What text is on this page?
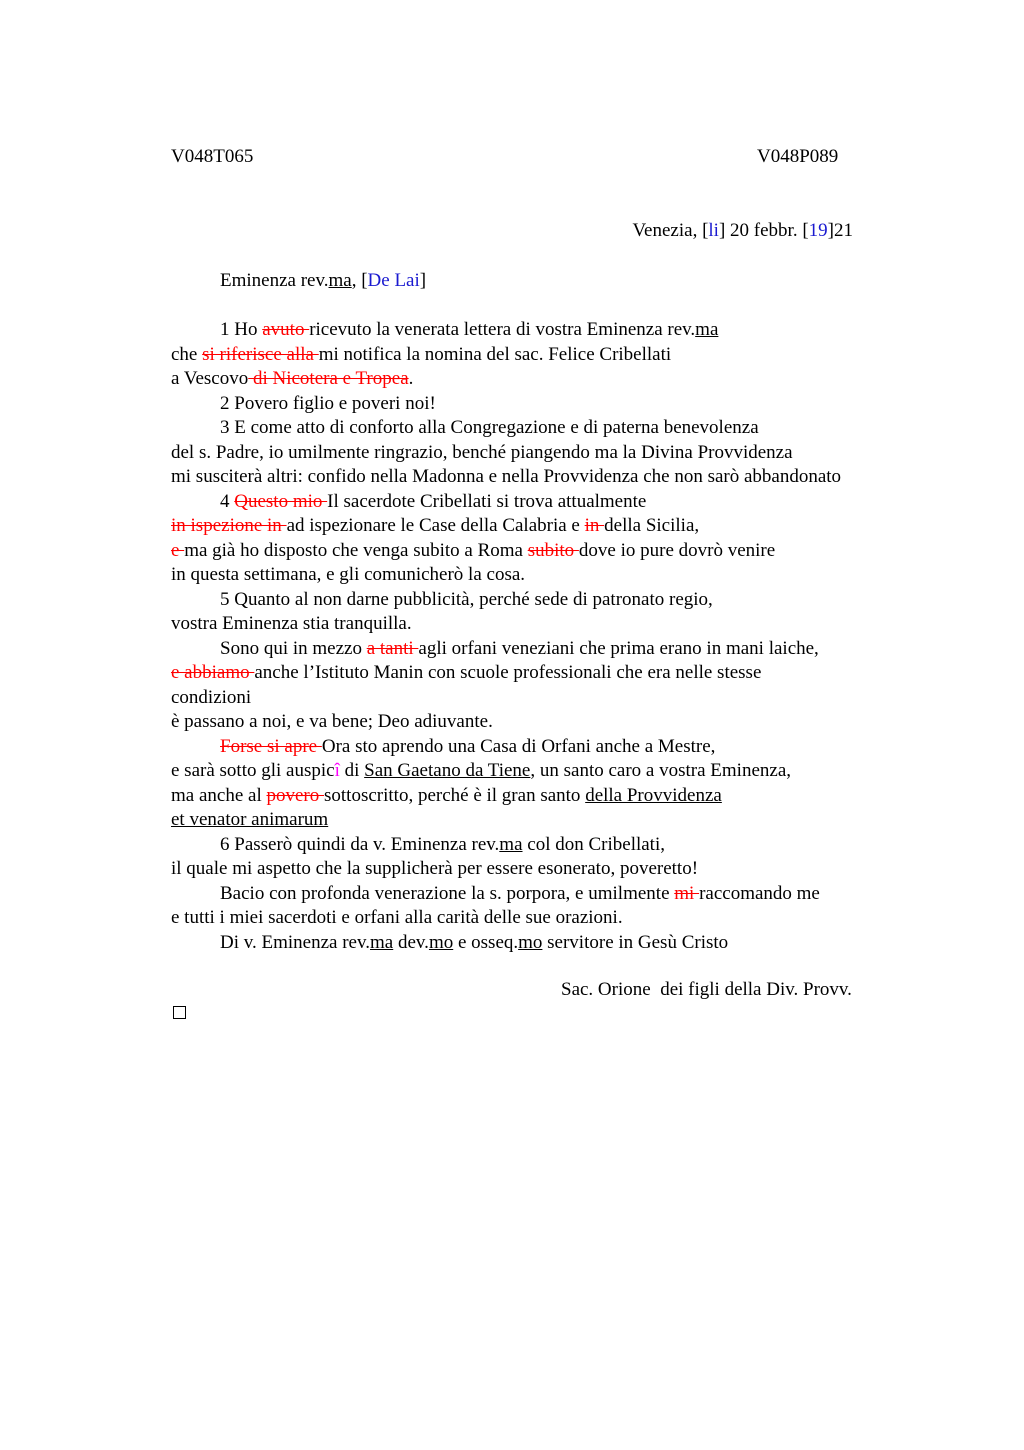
V048T065	V048P089
Venezia, [li] 20 febbr. [19]21
Eminenza rev.ma, [De Lai]
1 Ho avuto ricevuto la venerata lettera di vostra Eminenza rev.ma
che si riferisce alla mi notifica la nomina del sac. Felice Cribellati
a Vescovo di Nicotera e Tropea.
2 Povero figlio e poveri noi!
3 E come atto di conforto alla Congregazione e di paterna benevolenza
del s. Padre, io umilmente ringrazio, benché piangendo ma la Divina Provvidenza
mi susciterà altri: confido nella Madonna e nella Provvidenza che non sarò abbandonato
4 Questo mio Il sacerdote Cribellati si trova attualmente
in ispezione in ad ispezionare le Case della Calabria e in della Sicilia,
e ma già ho disposto che venga subito a Roma subito dove io pure dovrò venire
in questa settimana, e gli comunicherò la cosa.
5 Quanto al non darne pubblicità, perché sede di patronato regio,
vostra Eminenza stia tranquilla.
Sono qui in mezzo a tanti agli orfani veneziani che prima erano in mani laiche,
e abbiamo anche l’Istituto Manin con scuole professionali che era nelle stesse
condizioni
è passano a noi, e va bene; Deo adiuvante.
Forse si apre Ora sto aprendo una Casa di Orfani anche a Mestre,
e sarà sotto gli auspicî di San Gaetano da Tiene, un santo caro a vostra Eminenza,
ma anche al povero sottoscritto, perché è il gran santo della Provvidenza
et venator animarum
6 Passerò quindi da v. Eminenza rev.ma col don Cribellati,
il quale mi aspetto che la supplicherà per essere esonerato, poveretto!
Bacio con profonda venerazione la s. porpora, e umilmente mi raccomando me
e tutti i miei sacerdoti e orfani alla carità delle sue orazioni.
Di v. Eminenza rev.ma dev.mo e osseq.mo servitore in Gesù Cristo
Sac. Orione  dei figli della Div. Provv.
